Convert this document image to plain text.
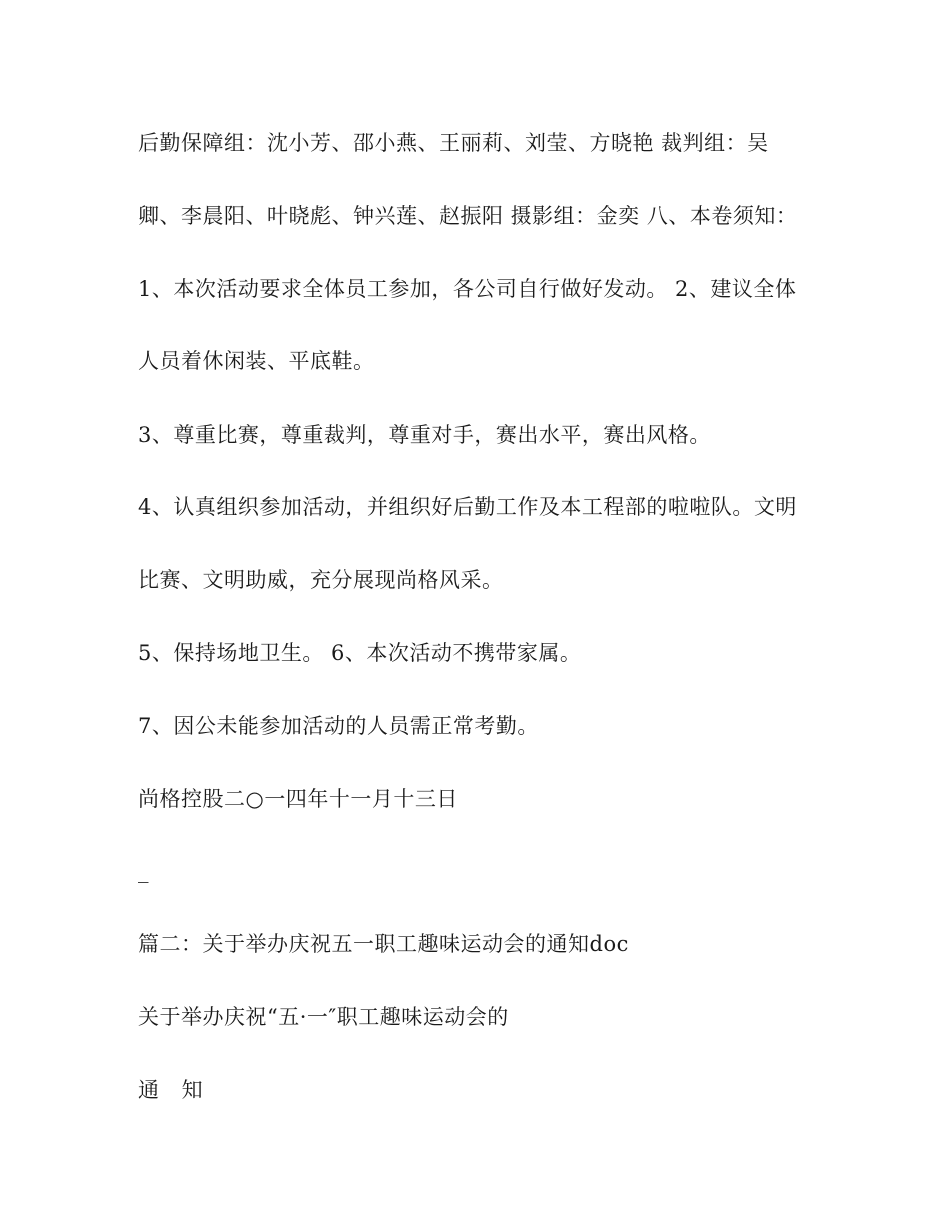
后勤保障组：沈小芳、邵小燕、王丽莉、刘莹、方晓艳 裁判组：吴
卿、李晨阳、叶晓彪、钟兴莲、赵振阳 摄影组：金奕 八、本卷须知：
1、本次活动要求全体员工参加，各公司自行做好发动。 2、建议全体
人员着休闲装、平底鞋。
3、尊重比赛，尊重裁判，尊重对手，赛出水平，赛出风格。
4、认真组织参加活动，并组织好后勤工作及本工程部的啦啦队。文明
比赛、文明助威，充分展现尚格风采。
5、保持场地卫生。 6、本次活动不携带家属。
7、因公未能参加活动的人员需正常考勤。
尚格控股二○一四年十一月十三日
_
篇二：关于举办庆祝五一职工趣味运动会的通知doc
关于举办庆祝“五·一″职工趣味运动会的
通 知
